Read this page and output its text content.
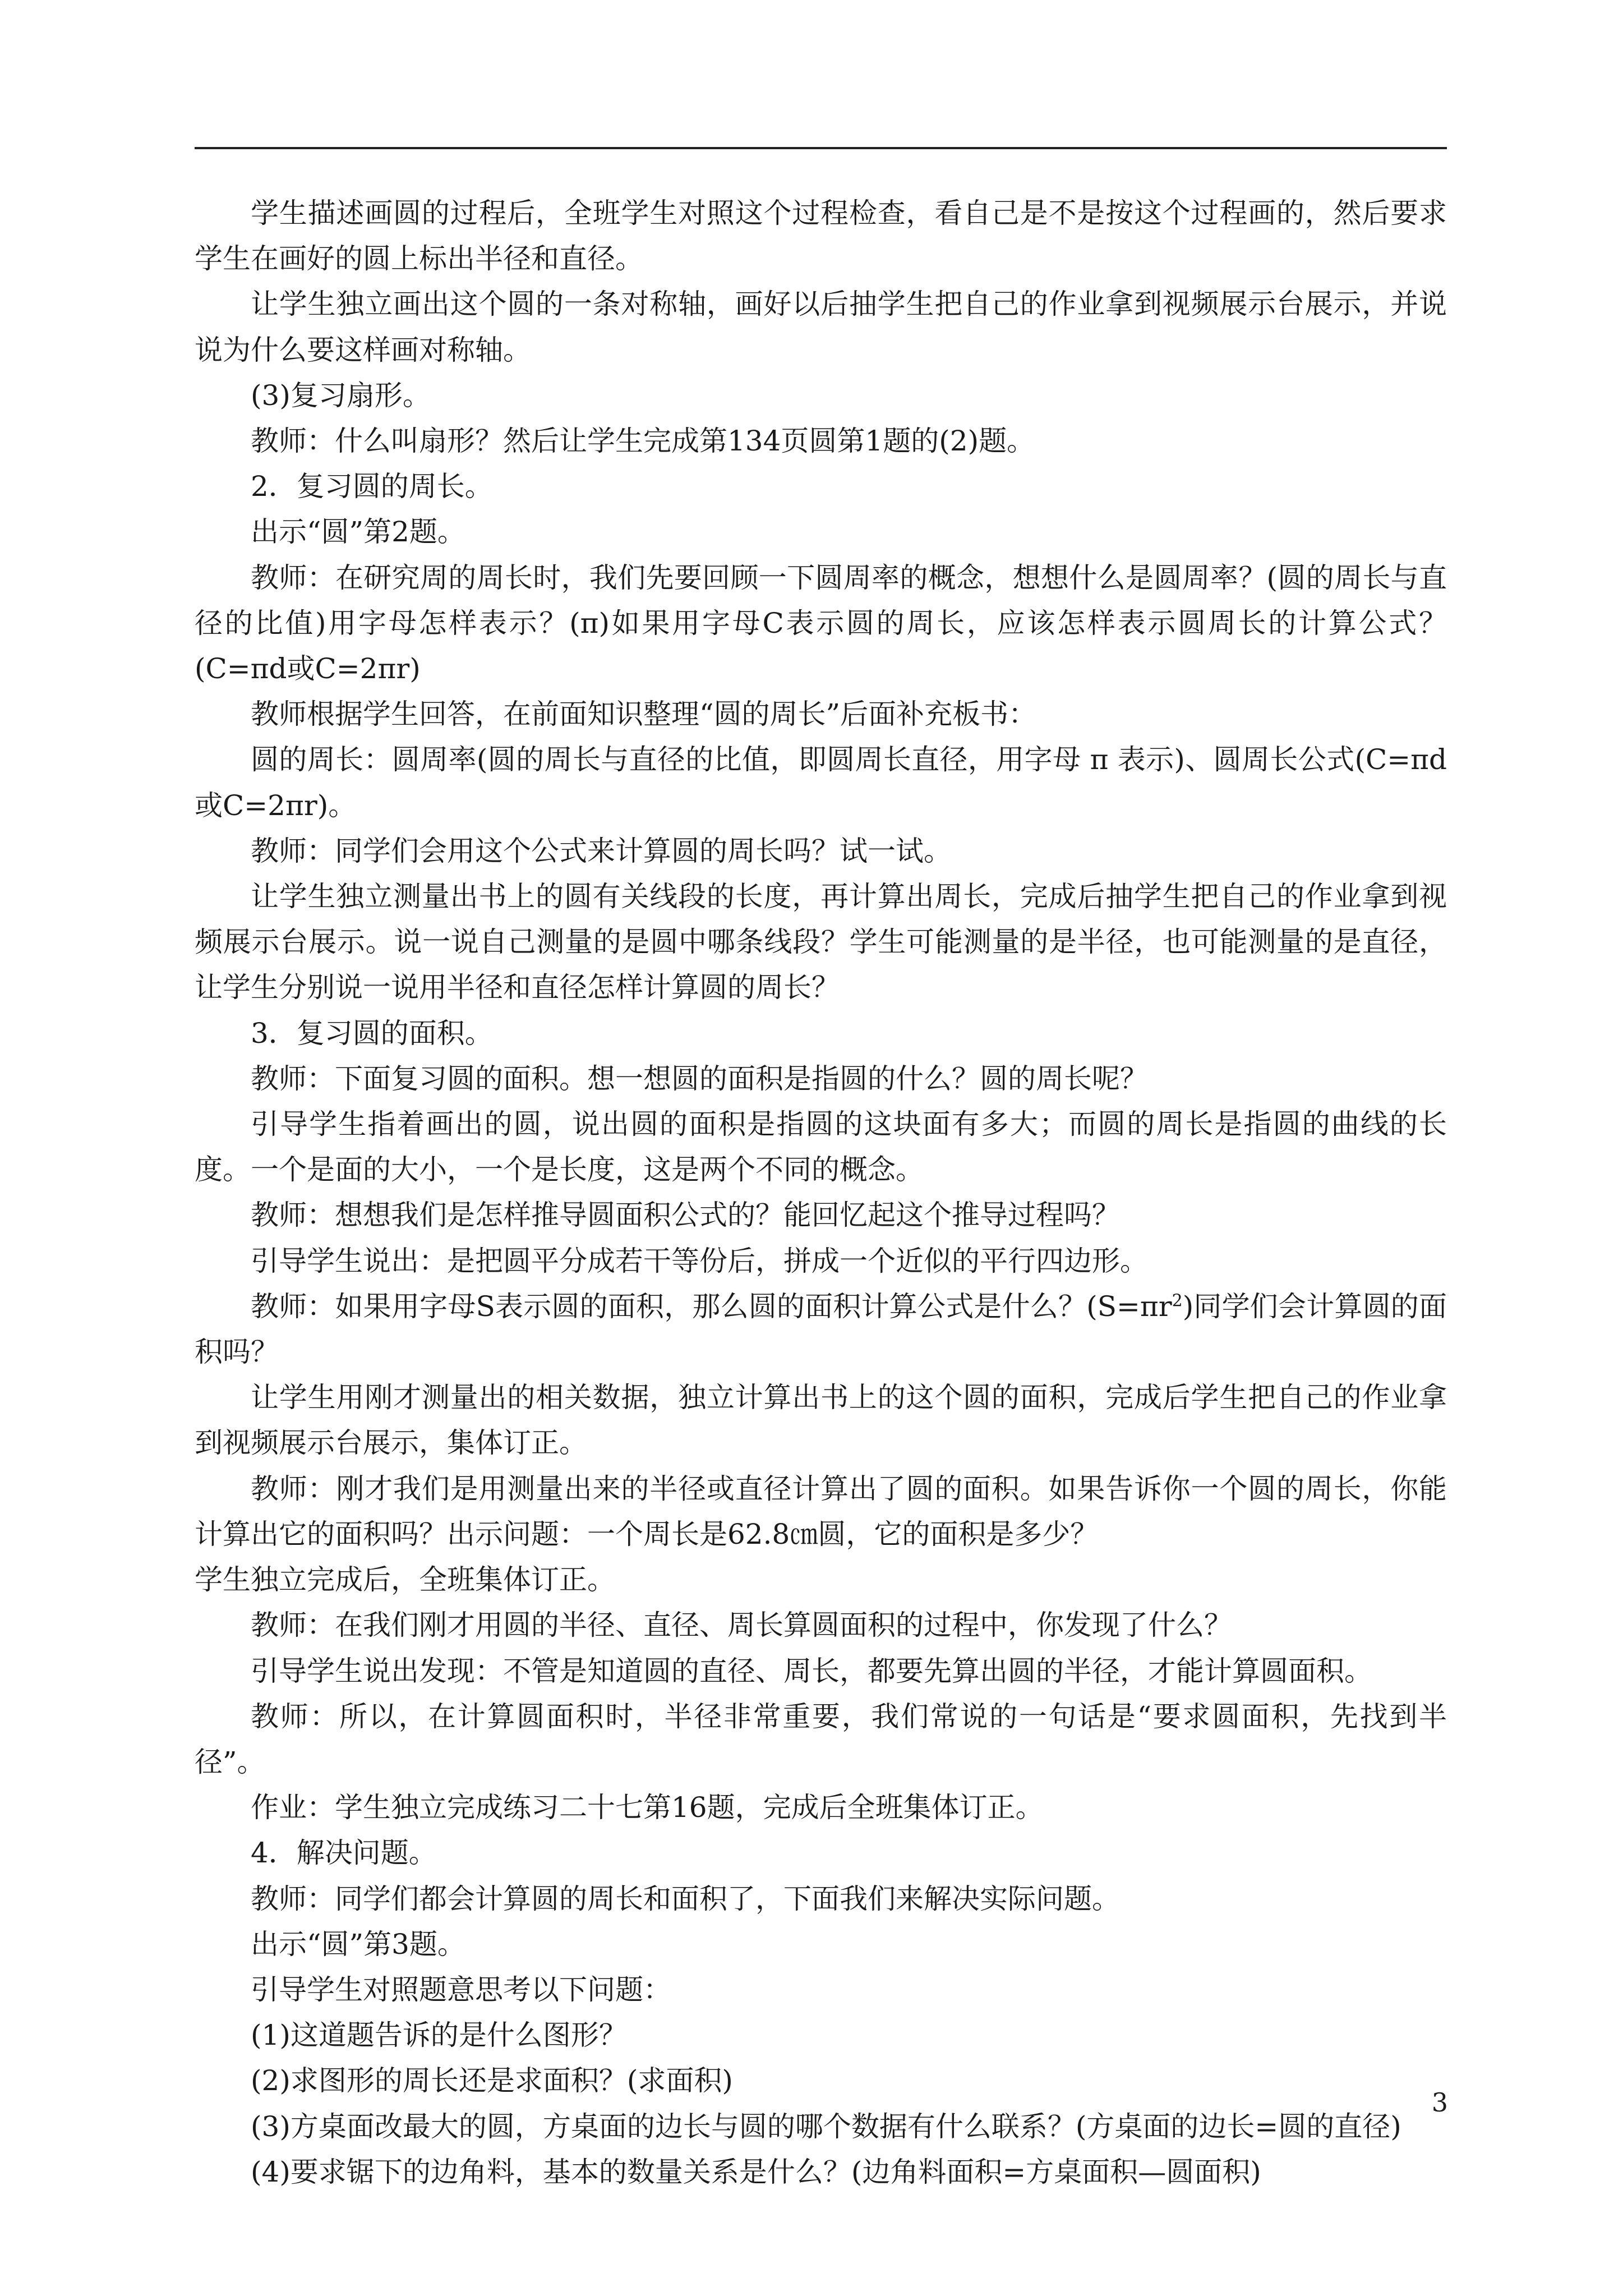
学生描述画圆的过程后，全班学生对照这个过程检查，看自己是不是按这个过程画的，然后要求学生在画好的圆上标出半径和直径。

让学生独立画出这个圆的一条对称轴，画好以后抽学生把自己的作业拿到视频展示台展示，并说说为什么要这样画对称轴。

(3)复习扇形。

教师：什么叫扇形？然后让学生完成第134页圆第1题的(2)题。

2．复习圆的周长。

出示“圆”第2题。

教师：在研究周的周长时，我们先要回顾一下圆周率的概念，想想什么是圆周率？(圆的周长与直径的比值)用字母怎样表示？(π)如果用字母C表示圆的周长，应该怎样表示圆周长的计算公式？(C=πd或C=2πr)

教师根据学生回答，在前面知识整理“圆的周长”后面补充板书：

圆的周长：圆周率(圆的周长与直径的比值，即圆周长直径，用字母 π 表示)、圆周长公式(C=πd或C=2πr)。

教师：同学们会用这个公式来计算圆的周长吗？试一试。

让学生独立测量出书上的圆有关线段的长度，再计算出周长，完成后抽学生把自己的作业拿到视频展示台展示。说一说自己测量的是圆中哪条线段？学生可能测量的是半径，也可能测量的是直径，让学生分别说一说用半径和直径怎样计算圆的周长？

3．复习圆的面积。

教师：下面复习圆的面积。想一想圆的面积是指圆的什么？圆的周长呢？

引导学生指着画出的圆，说出圆的面积是指圆的这块面有多大；而圆的周长是指圆的曲线的长度。一个是面的大小，一个是长度，这是两个不同的概念。

教师：想想我们是怎样推导圆面积公式的？能回忆起这个推导过程吗？

引导学生说出：是把圆平分成若干等份后，拼成一个近似的平行四边形。

教师：如果用字母S表示圆的面积，那么圆的面积计算公式是什么？$(S=\pi r^2)$同学们会计算圆的面积吗？

让学生用刚才测量出的相关数据，独立计算出书上的这个圆的面积，完成后学生把自己的作业拿到视频展示台展示，集体订正。

教师：刚才我们是用测量出来的半径或直径计算出了圆的面积。如果告诉你一个圆的周长，你能计算出它的面积吗？出示问题：一个周长是62.8㎝圆，它的面积是多少？

学生独立完成后，全班集体订正。

教师：在我们刚才用圆的半径、直径、周长算圆面积的过程中，你发现了什么？

引导学生说出发现：不管是知道圆的直径、周长，都要先算出圆的半径，才能计算圆面积。

教师：所以，在计算圆面积时，半径非常重要，我们常说的一句话是“要求圆面积，先找到半径”。

作业：学生独立完成练习二十七第16题，完成后全班集体订正。

4．解决问题。

教师：同学们都会计算圆的周长和面积了，下面我们来解决实际问题。

出示“圆”第3题。

引导学生对照题意思考以下问题：

(1)这道题告诉的是什么图形？

(2)求图形的周长还是求面积？(求面积)

(3)方桌面改最大的圆，方桌面的边长与圆的哪个数据有什么联系？(方桌面的边长=圆的直径)

(4)要求锯下的边角料，基本的数量关系是什么？(边角料面积=方桌面积—圆面积)

3
